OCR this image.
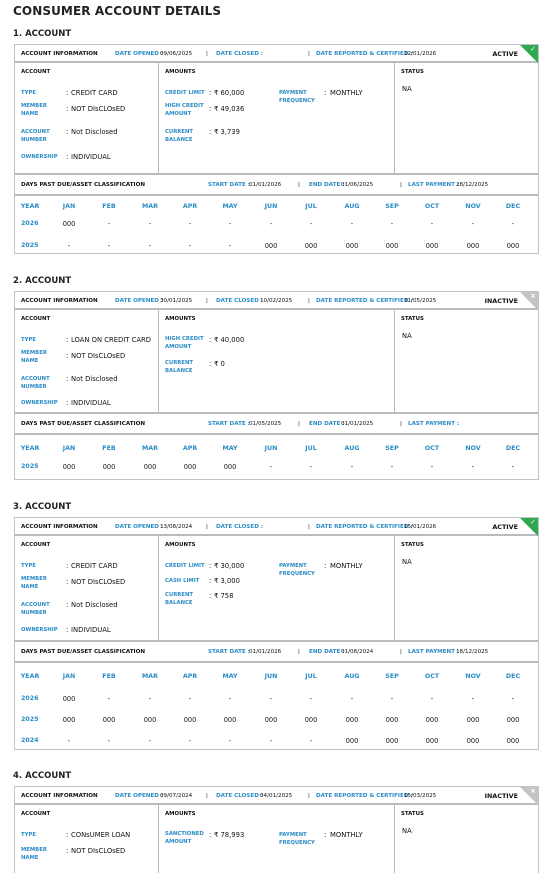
CONSUMER ACCOUNT DETAILS
1. ACCOUNT
ACCOUNT INFORMATION	DATE OPENED :
09/06/2025 | DATE CLOSED :	| DATE REPORTED & CERTIFIED :
22/01/2026	ACTIVE
✓
ACCOUNT
TYPE	: CREDIT CARD
MEMBER NAME
: NOT DIsCLOsED
ACCOUNT NUMBER
: Not Disclosed
OWNERSHIP : INDIVIDUAL
AMOUNTS
CREDIT LIMIT : ₹ 60,000
HIGH CREDIT AMOUNT
: ₹ 49,036
CURRENT BALANCE
: ₹ 3,739
PAYMENT FREQUENCY
: MONTHLY
STATUS
NA
DAYS PAST DUE/ASSET CLASSIFICATION	START DATE : 01/01/2026	| END DATE :
01/06/2025	| LAST PAYMENT :
28/12/2025
YEAR	JAN	FEB	MAR	APR	MAY	JUN	JUL	AUG	SEP	OCT	NOV	DEC
2026	000	-	-	-	-	-	-	-	-	-	-	-
2025	-	-	-	-	-	000	000	000	000	000	000	000
2. ACCOUNT
ACCOUNT INFORMATION	DATE OPENED :
30/01/2025 | DATE CLOSED :
10/02/2025	| DATE REPORTED & CERTIFIED :
31/05/2025	INACTIVE
×
ACCOUNT
TYPE	: LOAN ON CREDIT CARD
MEMBER NAME
: NOT DIsCLOsED
ACCOUNT NUMBER
: Not Disclosed
OWNERSHIP : INDIVIDUAL
AMOUNTS
HIGH CREDIT AMOUNT
: ₹ 40,000
CURRENT BALANCE
: ₹ 0
STATUS
NA
DAYS PAST DUE/ASSET CLASSIFICATION	START DATE : 01/05/2025	| END DATE :
01/01/2025	| LAST PAYMENT :
YEAR	JAN	FEB	MAR	APR	MAY	JUN	JUL	AUG	SEP	OCT	NOV	DEC
2025	000	000	000	000	000	-	-	-	-	-	-	-
3. ACCOUNT
ACCOUNT INFORMATION	DATE OPENED :
13/08/2024 | DATE CLOSED :	| DATE REPORTED & CERTIFIED :
15/01/2026	ACTIVE
✓
ACCOUNT
TYPE	: CREDIT CARD
MEMBER NAME
: NOT DIsCLOsED
ACCOUNT NUMBER
: Not Disclosed
OWNERSHIP : INDIVIDUAL
AMOUNTS
CREDIT LIMIT : ₹ 30,000
CASH LIMIT : ₹ 3,000
CURRENT BALANCE
: ₹ 758
PAYMENT FREQUENCY
: MONTHLY
STATUS
NA
DAYS PAST DUE/ASSET CLASSIFICATION	START DATE : 01/01/2026	| END DATE :
01/08/2024	| LAST PAYMENT :
18/12/2025
YEAR	JAN	FEB	MAR	APR	MAY	JUN	JUL	AUG	SEP	OCT	NOV	DEC
2026	000	-	-	-	-	-	-	-	-	-	-	-
2025	000	000	000	000	000	000	000	000	000	000	000	000
2024	-	-	-	-	-	-	-	000	000	000	000	000
4. ACCOUNT
ACCOUNT INFORMATION	DATE OPENED :
09/07/2024 | DATE CLOSED :
04/01/2025	| DATE REPORTED & CERTIFIED :
15/03/2025	INACTIVE
×
ACCOUNT
TYPE	: CONsUMER LOAN
MEMBER NAME
: NOT DIsCLOsED
AMOUNTS
SANCTIONED AMOUNT
: ₹ 78,993	PAYMENT FREQUENCY
: MONTHLY
STATUS
NA
